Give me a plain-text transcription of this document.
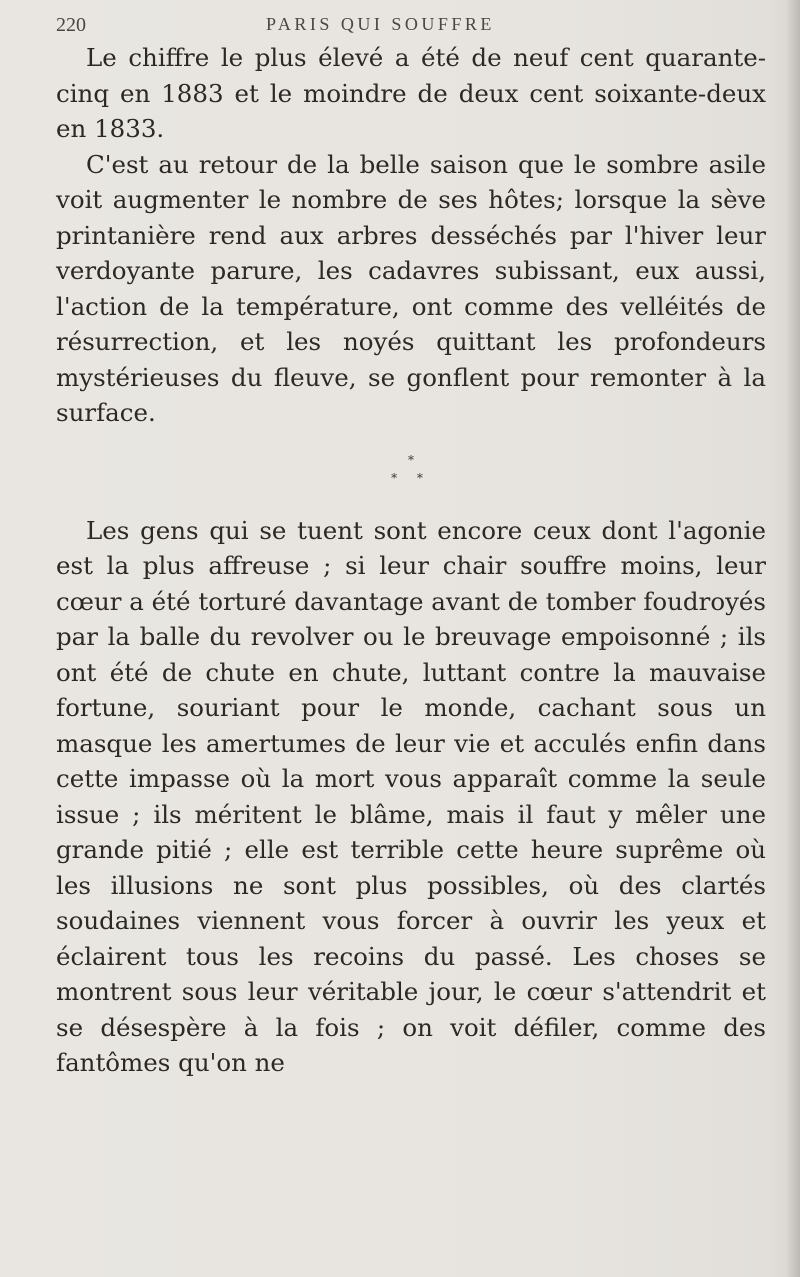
220	PARIS QUI SOUFFRE

Le chiffre le plus élevé a été de neuf cent quarante-cinq en 1883 et le moindre de deux cent soixante-deux en 1833.

C'est au retour de la belle saison que le sombre asile voit augmenter le nombre de ses hôtes; lorsque la sève printanière rend aux arbres desséchés par l'hiver leur verdoyante parure, les cadavres subissant, eux aussi, l'action de la température, ont comme des velléités de résurrection, et les noyés quittant les profondeurs mystérieuses du fleuve, se gonflent pour remonter à la surface.

*
* *

Les gens qui se tuent sont encore ceux dont l'agonie est la plus affreuse ; si leur chair souffre moins, leur cœur a été torturé davantage avant de tomber foudroyés par la balle du revolver ou le breuvage empoisonné ; ils ont été de chute en chute, luttant contre la mauvaise fortune, souriant pour le monde, cachant sous un masque les amertumes de leur vie et acculés enfin dans cette impasse où la mort vous apparaît comme la seule issue ; ils méritent le blâme, mais il faut y mêler une grande pitié ; elle est terrible cette heure suprême où les illusions ne sont plus possibles, où des clartés soudaines viennent vous forcer à ouvrir les yeux et éclairent tous les recoins du passé. Les choses se montrent sous leur véritable jour, le cœur s'attendrit et se désespère à la fois ; on voit défiler, comme des fantômes qu'on ne
